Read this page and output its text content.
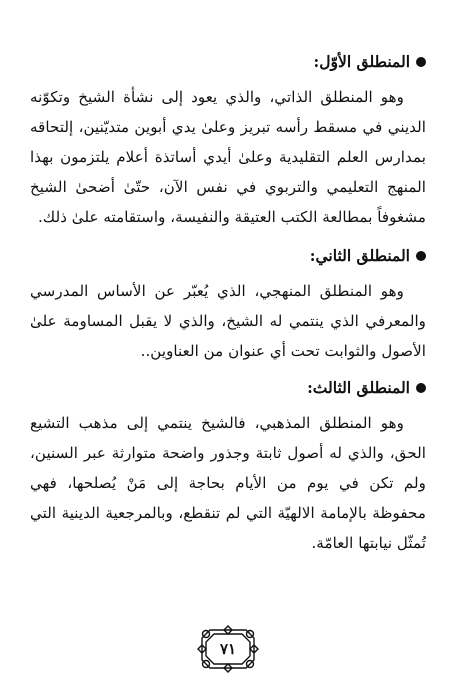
المنطلق الأوّل:

وهو المنطلق الذاتي، والذي يعود إلى نشأة الشيخ وتكوّنه الديني في مسقط رأسه تبريز وعلىٰ يدي أبوين متديّنين، إلتحاقه بمدارس العلم التقليدية وعلىٰ أيدي أساتذة أعلام يلتزمون بهذا المنهج التعليمي والتربوي في نفس الآن، حتّىٰ أضحىٰ الشيخ مشغوفاً بمطالعة الكتب العتيقة والنفيسة، واستقامته علىٰ ذلك.

المنطلق الثاني:

وهو المنطلق المنهجي، الذي يُعبّر عن الأساس المدرسي والمعرفي الذي ينتمي له الشيخ، والذي لا يقبل المساومة علىٰ الأصول والثوابت تحت أي عنوان من العناوين..

المنطلق الثالث:

وهو المنطلق المذهبي، فالشيخ ينتمي إلى مذهب التشيع الحق، والذي له أصول ثابتة وجذور واضحة متوارثة عبر السنين، ولم تكن في يوم من الأيام بحاجة إلى مَنْ يُصلحها، فهي محفوظة بالإمامة الالهيّة التي لم تنقطع، وبالمرجعية الدينية التي تُمثّل نيابتها العامّة.

٧١
